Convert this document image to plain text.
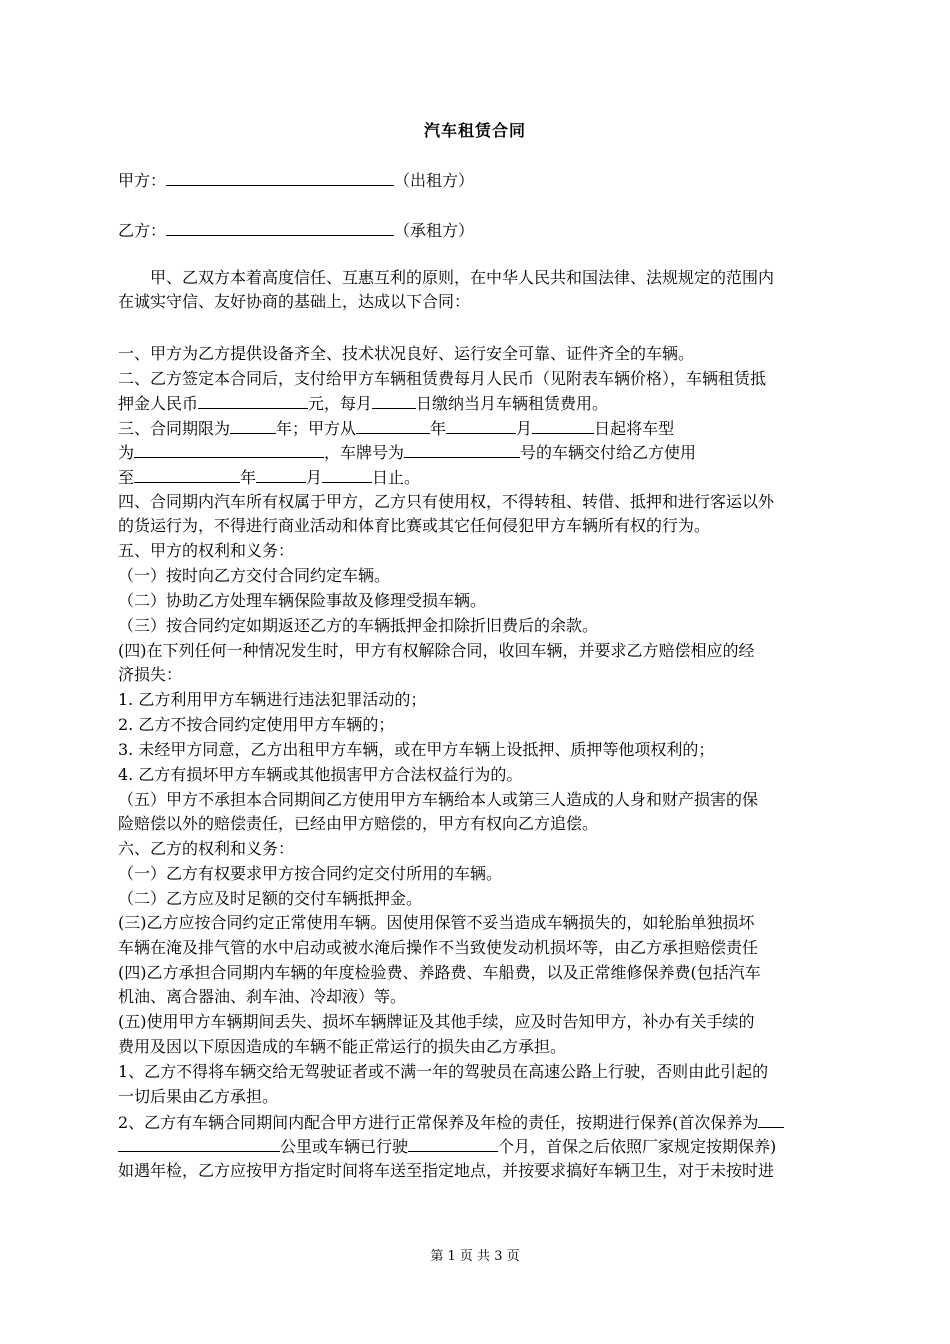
汽车租赁合同
甲方：	（出租方）
乙方：	（承租方）
甲、乙双方本着高度信任、互惠互利的原则，在中华人民共和国法律、法规规定的范围内
在诚实守信、友好协商的基础上，达成以下合同：
一、甲方为乙方提供设备齐全、技术状况良好、运行安全可靠、证件齐全的车辆。
二、乙方签定本合同后，支付给甲方车辆租赁费每月人民币（见附表车辆价格），车辆租赁抵
押金人民币	元，每月	日缴纳当月车辆租赁费用。
三、合同期限为	年；甲方从	年	月	日起将车型
为	，车牌号为	号的车辆交付给乙方使用
至	年	月	日止。
四、合同期内汽车所有权属于甲方，乙方只有使用权，不得转租、转借、抵押和进行客运以外
的货运行为，不得进行商业活动和体育比赛或其它任何侵犯甲方车辆所有权的行为。
五、甲方的权利和义务：
（一）按时向乙方交付合同约定车辆。
（二）协助乙方处理车辆保险事故及修理受损车辆。
（三）按合同约定如期返还乙方的车辆抵押金扣除折旧费后的余款。
(四)在下列任何一种情况发生时，甲方有权解除合同，收回车辆，并要求乙方赔偿相应的经
济损失：
1. 乙方利用甲方车辆进行违法犯罪活动的；
2. 乙方不按合同约定使用甲方车辆的；
3. 未经甲方同意，乙方出租甲方车辆，或在甲方车辆上设抵押、质押等他项权利的；
4. 乙方有损坏甲方车辆或其他损害甲方合法权益行为的。
（五）甲方不承担本合同期间乙方使用甲方车辆给本人或第三人造成的人身和财产损害的保
险赔偿以外的赔偿责任，已经由甲方赔偿的，甲方有权向乙方追偿。
六、乙方的权利和义务：
（一）乙方有权要求甲方按合同约定交付所用的车辆。
（二）乙方应及时足额的交付车辆抵押金。
(三)乙方应按合同约定正常使用车辆。因使用保管不妥当造成车辆损失的，如轮胎单独损坏
车辆在淹及排气管的水中启动或被水淹后操作不当致使发动机损坏等，由乙方承担赔偿责任
(四)乙方承担合同期内车辆的年度检验费、养路费、车船费，以及正常维修保养费(包括汽车
机油、离合器油、刹车油、冷却液）等。
(五)使用甲方车辆期间丢失、损坏车辆牌证及其他手续，应及时告知甲方，补办有关手续的
费用及因以下原因造成的车辆不能正常运行的损失由乙方承担。
1、乙方不得将车辆交给无驾驶证者或不满一年的驾驶员在高速公路上行驶，否则由此引起的
一切后果由乙方承担。
2、乙方有车辆合同期间内配合甲方进行正常保养及年检的责任，按期进行保养(首次保养为
公里或车辆已行驶	个月，首保之后依照厂家规定按期保养)
如遇年检，乙方应按甲方指定时间将车送至指定地点，并按要求搞好车辆卫生，对于未按时进
第 1 页 共 3 页
